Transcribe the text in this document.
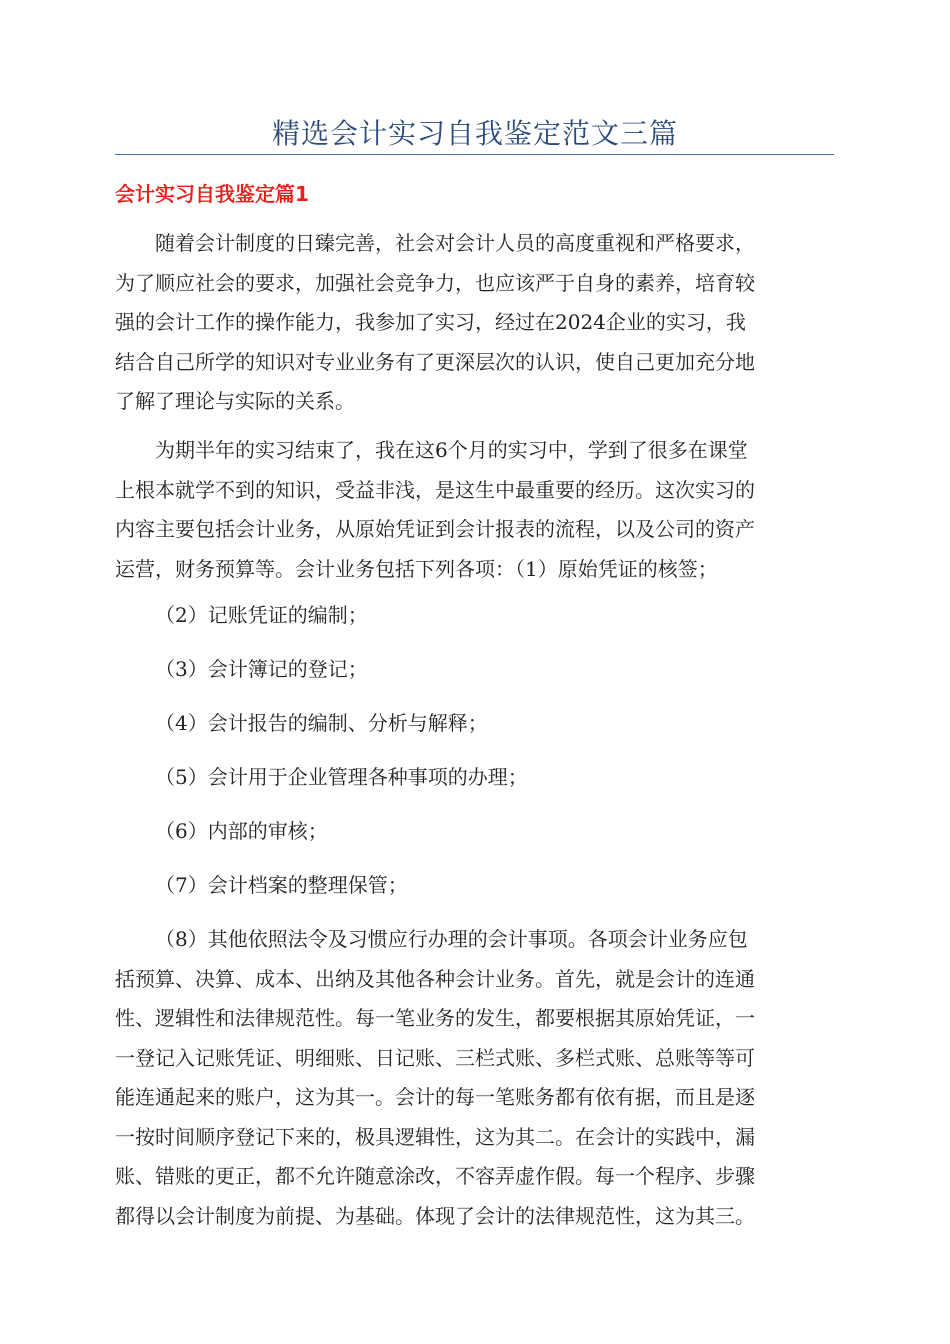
精选会计实习自我鉴定范文三篇
会计实习自我鉴定篇1

随着会计制度的日臻完善，社会对会计人员的高度重视和严格要求，
为了顺应社会的要求，加强社会竞争力，也应该严于自身的素养，培育较
强的会计工作的操作能力，我参加了实习，经过在2024企业的实习，我
结合自己所学的知识对专业业务有了更深层次的认识，使自己更加充分地
了解了理论与实际的关系。

为期半年的实习结束了，我在这6个月的实习中，学到了很多在课堂
上根本就学不到的知识，受益非浅，是这生中最重要的经历。这次实习的
内容主要包括会计业务，从原始凭证到会计报表的流程，以及公司的资产
运营，财务预算等。会计业务包括下列各项：（1）原始凭证的核签；

（2）记账凭证的编制；

（3）会计簿记的登记；

（4）会计报告的编制、分析与解释；

（5）会计用于企业管理各种事项的办理；

（6）内部的审核；

（7）会计档案的整理保管；

（8）其他依照法令及习惯应行办理的会计事项。各项会计业务应包
括预算、决算、成本、出纳及其他各种会计业务。首先，就是会计的连通
性、逻辑性和法律规范性。每一笔业务的发生，都要根据其原始凭证，一
一登记入记账凭证、明细账、日记账、三栏式账、多栏式账、总账等等可
能连通起来的账户，这为其一。会计的每一笔账务都有依有据，而且是逐
一按时间顺序登记下来的，极具逻辑性，这为其二。在会计的实践中，漏
账、错账的更正，都不允许随意涂改，不容弄虚作假。每一个程序、步骤
都得以会计制度为前提、为基础。体现了会计的法律规范性，这为其三。
